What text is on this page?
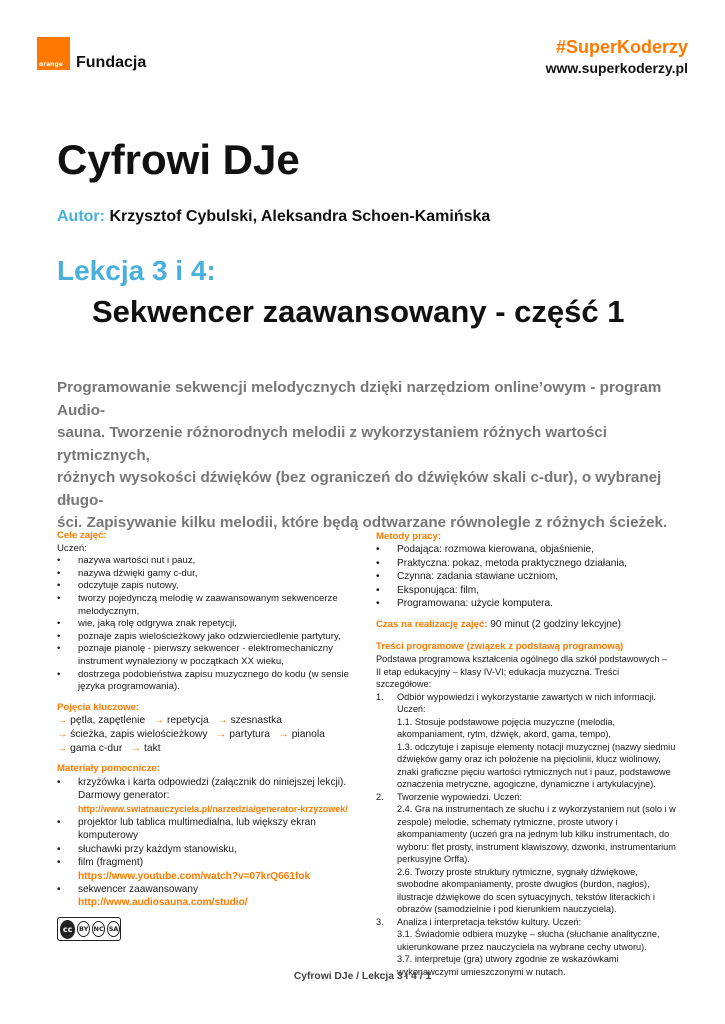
orange Fundacja
#SuperKoderzy
www.superkoderzy.pl
Cyfrowi DJe
Autor: Krzysztof Cybulski, Aleksandra Schoen-Kamińska
Lekcja 3 i 4:
Sekwencer zaawansowany - część 1
Programowanie sekwencji melodycznych dzięki narzędziom online’owym - program Audio-
sauna. Tworzenie różnorodnych melodii z wykorzystaniem różnych wartości rytmicznych,
różnych wysokości dźwięków (bez ograniczeń do dźwięków skali c-dur), o wybranej długo-
ści. Zapisywanie kilku melodii, które będą odtwarzane równolegle z różnych ścieżek.
Cele zajęć:
Uczeń:
• nazywa wartości nut i pauz,
• nazywa dźwięki gamy c-dur,
• odczytuje zapis nutowy,
• tworzy pojedynczą melodię w zaawansowanym sekwencerze melodycznym,
• wie, jaką rolę odgrywa znak repetycji,
• poznaje zapis wielościeżkowy jako odzwierciedlenie partytury,
• poznaje pianolę - pierwszy sekwencer - elektromechaniczny instrument wynaleziony w początkach XX wieku,
• dostrzega podobieństwa zapisu muzycznego do kodu (w sensie języka programowania).
Pojęcia kluczowe:
→ pętla, zapętlenie → repetycja → szesnastka
→ ścieżka, zapis wielościeżkowy → partytura → pianola
→ gama c-dur → takt
Materiały pomocnicze:
• krzyżówka i karta odpowiedzi (załącznik do niniejszej lekcji). Darmowy generator:
http://www.swiatnauczyciela.pl/narzedzia/generator-krzyzowek/
• projektor lub tablica multimedialna, lub większy ekran komputerowy
• słuchawki przy każdym stanowisku,
• film (fragment)
https://www.youtube.com/watch?v=07krQ661fok
• sekwencer zaawansowany
http://www.audiosauna.com/studio/
cc	BY NC SA
Metody pracy:
• Podająca: rozmowa kierowana, objaśnienie,
• Praktyczna: pokaz, metoda praktycznego działania,
• Czynna: zadania stawiane uczniom,
• Eksponująca: film,
• Programowana: użycie komputera.
Czas na realizację zajęć: 90 minut (2 godziny lekcyjne)
Treści programowe (związek z podstawą programową)
Podstawa programowa kształcenia ogólnego dla szkół podstawowych –
II etap edukacyjny – klasy IV-VI; edukacja muzyczna. Treści szczegółowe:
1. Odbiór wypowiedzi i wykorzystanie zawartych w nich informacji.
Uczeń:
1.1. Stosuje podstawowe pojęcia muzyczne (melodia, akompaniament, rytm, dźwięk, akord, gama, tempo),
1.3. odczytuje i zapisuje elementy notacji muzycznej (nazwy siedmiu dźwięków gamy oraz ich położenie na pięciolinii, klucz wiolinowy, znaki graficzne pięciu wartości rytmicznych nut i pauz, podstawowe oznaczenia metryczne, agogiczne, dynamiczne i artykulacyjne).
2. Tworzenie wypowiedzi. Uczeń:
2.4. Gra na instrumentach ze słuchu i z wykorzystaniem nut (solo i w zespole) melodie, schematy rytmiczne, proste utwory i akompaniamenty (uczeń gra na jednym lub kilku instrumentach, do wyboru: flet prosty, instrument klawiszowy, dzwonki, instrumentarium perkusyjne Orffa).
2.6. Tworzy proste struktury rytmiczne, sygnały dźwiękowe, swobodne akompaniamenty, proste dwugłos (burdon, nagłos), ilustracje dźwiękowe do scen sytuacyjnych, tekstów literackich i obrazów (samodzielnie i pod kierunkiem nauczyciela).
3. Analiza i interpretacja tekstów kultury. Uczeń:
3.1. Świadomie odbiera muzykę – słucha (słuchanie analityczne, ukierunkowane przez nauczyciela na wybrane cechy utworu).
3.7. interpretuje (gra) utwory zgodnie ze wskazówkami wykonawczymi umieszczonymi w nutach.
Cyfrowi DJe / Lekcja 3 i 4 / 1
